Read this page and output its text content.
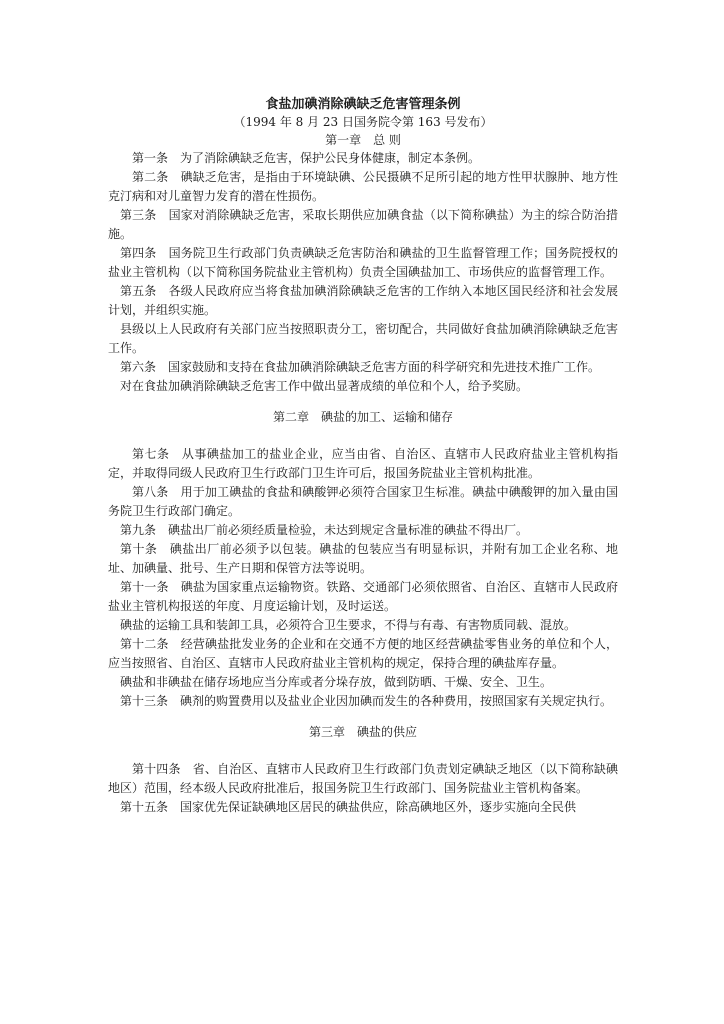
食盐加碘消除碘缺乏危害管理条例
（1994 年 8 月 23 日国务院令第 163 号发布）
第一章　总 则

第一条　为了消除碘缺乏危害，保护公民身体健康，制定本条例。

第二条　碘缺乏危害，是指由于环境缺碘、公民摄碘不足所引起的地方性甲状腺肿、地方性克汀病和对儿童智力发育的潜在性损伤。

第三条　国家对消除碘缺乏危害，采取长期供应加碘食盐（以下简称碘盐）为主的综合防治措施。

第四条　国务院卫生行政部门负责碘缺乏危害防治和碘盐的卫生监督管理工作；国务院授权的盐业主管机构（以下简称国务院盐业主管机构）负责全国碘盐加工、市场供应的监督管理工作。

第五条　各级人民政府应当将食盐加碘消除碘缺乏危害的工作纳入本地区国民经济和社会发展计划，并组织实施。

县级以上人民政府有关部门应当按照职责分工，密切配合，共同做好食盐加碘消除碘缺乏危害工作。

第六条　国家鼓励和支持在食盐加碘消除碘缺乏危害方面的科学研究和先进技术推广工作。

对在食盐加碘消除碘缺乏危害工作中做出显著成绩的单位和个人，给予奖励。

第二章　碘盐的加工、运输和储存

第七条　从事碘盐加工的盐业企业，应当由省、自治区、直辖市人民政府盐业主管机构指定，并取得同级人民政府卫生行政部门卫生许可后，报国务院盐业主管机构批准。

第八条　用于加工碘盐的食盐和碘酸钾必须符合国家卫生标准。碘盐中碘酸钾的加入量由国务院卫生行政部门确定。

第九条　碘盐出厂前必须经质量检验，未达到规定含量标准的碘盐不得出厂。

第十条　碘盐出厂前必须予以包装。碘盐的包装应当有明显标识，并附有加工企业名称、地址、加碘量、批号、生产日期和保管方法等说明。

第十一条　碘盐为国家重点运输物资。铁路、交通部门必须依照省、自治区、直辖市人民政府盐业主管机构报送的年度、月度运输计划，及时运送。

碘盐的运输工具和装卸工具，必须符合卫生要求，不得与有毒、有害物质同载、混放。

第十二条　经营碘盐批发业务的企业和在交通不方便的地区经营碘盐零售业务的单位和个人，应当按照省、自治区、直辖市人民政府盐业主管机构的规定，保持合理的碘盐库存量。

碘盐和非碘盐在储存场地应当分库或者分垛存放，做到防晒、干燥、安全、卫生。

第十三条　碘剂的购置费用以及盐业企业因加碘而发生的各种费用，按照国家有关规定执行。

第三章　碘盐的供应

第十四条　省、自治区、直辖市人民政府卫生行政部门负责划定碘缺乏地区（以下简称缺碘地区）范围，经本级人民政府批准后，报国务院卫生行政部门、国务院盐业主管机构备案。

第十五条　国家优先保证缺碘地区居民的碘盐供应，除高碘地区外，逐步实施向全民供
